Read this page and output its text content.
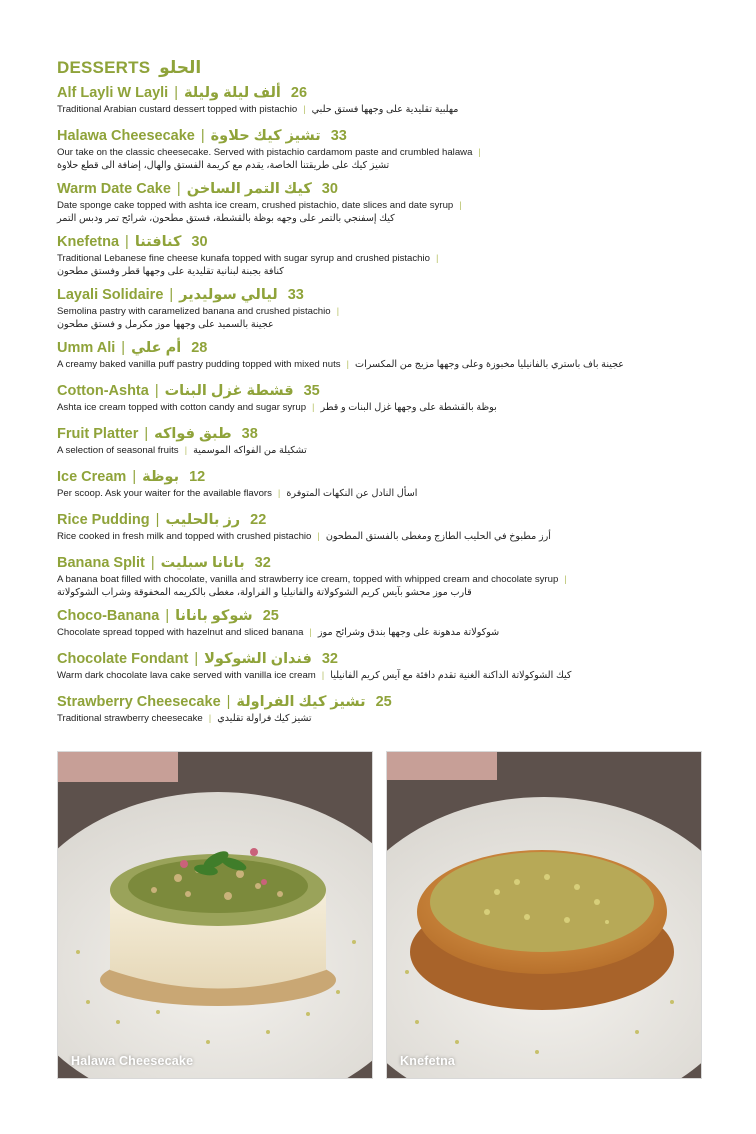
DESSERTS الحلو
Alf Layli W Layli | ألف ليلة وليلة 26
Traditional Arabian custard dessert topped with pistachio | مهلبية تقليدية على وجهها فستق حلبي
Halawa Cheesecake | تشيز كيك حلاوة 33
Our take on the classic cheesecake. Served with pistachio cardamom paste and crumbled halawa |
تشيز كيك على طريقتنا الخاصة، يقدم مع كريمة الفستق والهال، إضافة الى قطع حلاوة
Warm Date Cake | كيك التمر الساخن 30
Date sponge cake topped with ashta ice cream, crushed pistachio, date slices and date syrup |
كيك إسفنجي بالتمر على وجهه بوظة بالقشطة، فستق مطحون، شرائح تمر ودبس التمر
Knefetna | كنافتنا 30
Traditional Lebanese fine cheese kunafa topped with sugar syrup and crushed pistachio |
كنافة بجبنة لبنانية تقليدية على وجهها قطر وفستق مطحون
Layali Solidaire | ليالي سوليدير 33
Semolina pastry with caramelized banana and crushed pistachio |
عجينة بالسميد على وجهها موز مكرمل و فستق مطحون
Umm Ali | أم علي 28
A creamy baked vanilla puff pastry pudding topped with mixed nuts | عجينة باف باستري بالفانيليا مخبوزة وعلى وجهها مزيج من المكسرات
Cotton-Ashta | قشطة غزل البنات 35
Ashta ice cream topped with cotton candy and sugar syrup | بوظة بالقشطة على وجهها غزل البنات و قطر
Fruit Platter | طبق فواكه 38
A selection of seasonal fruits | تشكيلة من الفواكه الموسمية
Ice Cream | بوظة 12
Per scoop. Ask your waiter for the available flavors | اسأل النادل عن النكهات المتوفرة
Rice Pudding | رز بالحليب 22
Rice cooked in fresh milk and topped with crushed pistachio | أرز مطبوخ في الحليب الطازج ومغطى بالفستق المطحون
Banana Split | بانانا سبليت 32
A banana boat filled with chocolate, vanilla and strawberry ice cream, topped with whipped cream and chocolate syrup |
قارب موز محشو بآيس كريم الشوكولاتة والفانيليا و الفراولة، مغطى بالكريمه المخفوقة وشراب الشوكولاتة
Choco-Banana | شوكو بانانا 25
Chocolate spread topped with hazelnut and sliced banana | شوكولاتة مدهونة على وجهها بندق وشرائح موز
Chocolate Fondant | فندان الشوكولا 32
Warm dark chocolate lava cake served with vanilla ice cream | كيك الشوكولاتة الداكنة الغنية تقدم دافئة مع آيس كريم الفانيليا
Strawberry Cheesecake | تشيز كيك الفراولة 25
Traditional strawberry cheesecake | تشيز كيك فراولة تقليدي
Halawa Cheesecake	Knefetna
